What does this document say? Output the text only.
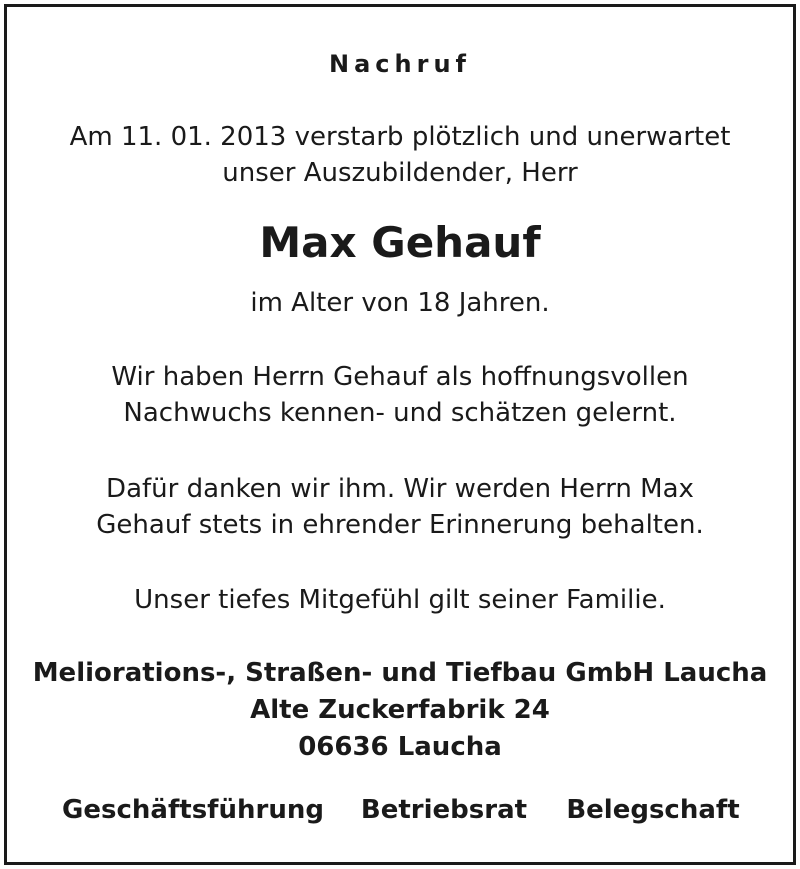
Nachruf
Am 11. 01. 2013 verstarb plötzlich und unerwartet
unser Auszubildender, Herr
Max Gehauf
im Alter von 18 Jahren.
Wir haben Herrn Gehauf als hoffnungsvollen
Nachwuchs kennen- und schätzen gelernt.
Dafür danken wir ihm. Wir werden Herrn Max
Gehauf stets in ehrender Erinnerung behalten.
Unser tiefes Mitgefühl gilt seiner Familie.
Meliorations-, Straßen- und Tiefbau GmbH Laucha
Alte Zuckerfabrik 24
06636 Laucha
Geschäftsführung Betriebsrat Belegschaft
